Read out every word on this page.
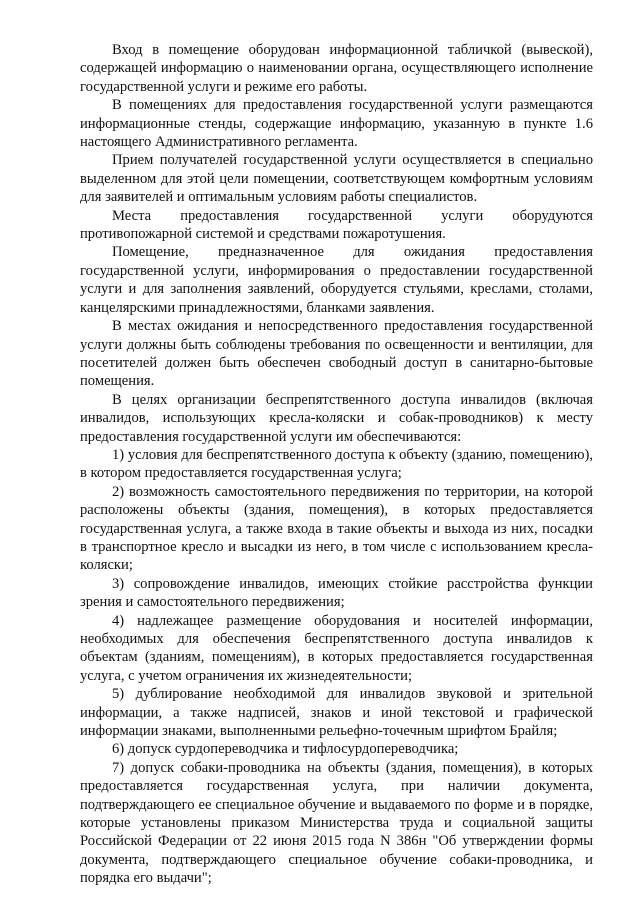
Вход в помещение оборудован информационной табличкой (вывеской), содержащей информацию о наименовании органа, осуществляющего исполнение государственной услуги и режиме его работы.

В помещениях для предоставления государственной услуги размещаются информационные стенды, содержащие информацию, указанную в пункте 1.6 настоящего Административного регламента.

Прием получателей государственной услуги осуществляется в специально выделенном для этой цели помещении, соответствующем комфортным условиям для заявителей и оптимальным условиям работы специалистов.

Места предоставления государственной услуги оборудуются противопожарной системой и средствами пожаротушения.

Помещение, предназначенное для ожидания предоставления государственной услуги, информирования о предоставлении государственной услуги и для заполнения заявлений, оборудуется стульями, креслами, столами, канцелярскими принадлежностями, бланками заявления.

В местах ожидания и непосредственного предоставления государственной услуги должны быть соблюдены требования по освещенности и вентиляции, для посетителей должен быть обеспечен свободный доступ в санитарно-бытовые помещения.

В целях организации беспрепятственного доступа инвалидов (включая инвалидов, использующих кресла-коляски и собак-проводников) к месту предоставления государственной услуги им обеспечиваются:

1) условия для беспрепятственного доступа к объекту (зданию, помещению), в котором предоставляется государственная услуга;

2) возможность самостоятельного передвижения по территории, на которой расположены объекты (здания, помещения), в которых предоставляется государственная услуга, а также входа в такие объекты и выхода из них, посадки в транспортное кресло и высадки из него, в том числе с использованием кресла-коляски;

3) сопровождение инвалидов, имеющих стойкие расстройства функции зрения и самостоятельного передвижения;

4) надлежащее размещение оборудования и носителей информации, необходимых для обеспечения беспрепятственного доступа инвалидов к объектам (зданиям, помещениям), в которых предоставляется государственная услуга, с учетом ограничения их жизнедеятельности;

5) дублирование необходимой для инвалидов звуковой и зрительной информации, а также надписей, знаков и иной текстовой и графической информации знаками, выполненными рельефно-точечным шрифтом Брайля;

6) допуск сурдопереводчика и тифлосурдопереводчика;

7) допуск собаки-проводника на объекты (здания, помещения), в которых предоставляется государственная услуга, при наличии документа, подтверждающего ее специальное обучение и выдаваемого по форме и в порядке, которые установлены приказом Министерства труда и социальной защиты Российской Федерации от 22 июня 2015 года N 386н "Об утверждении формы документа, подтверждающего специальное обучение собаки-проводника, и порядка его выдачи";
